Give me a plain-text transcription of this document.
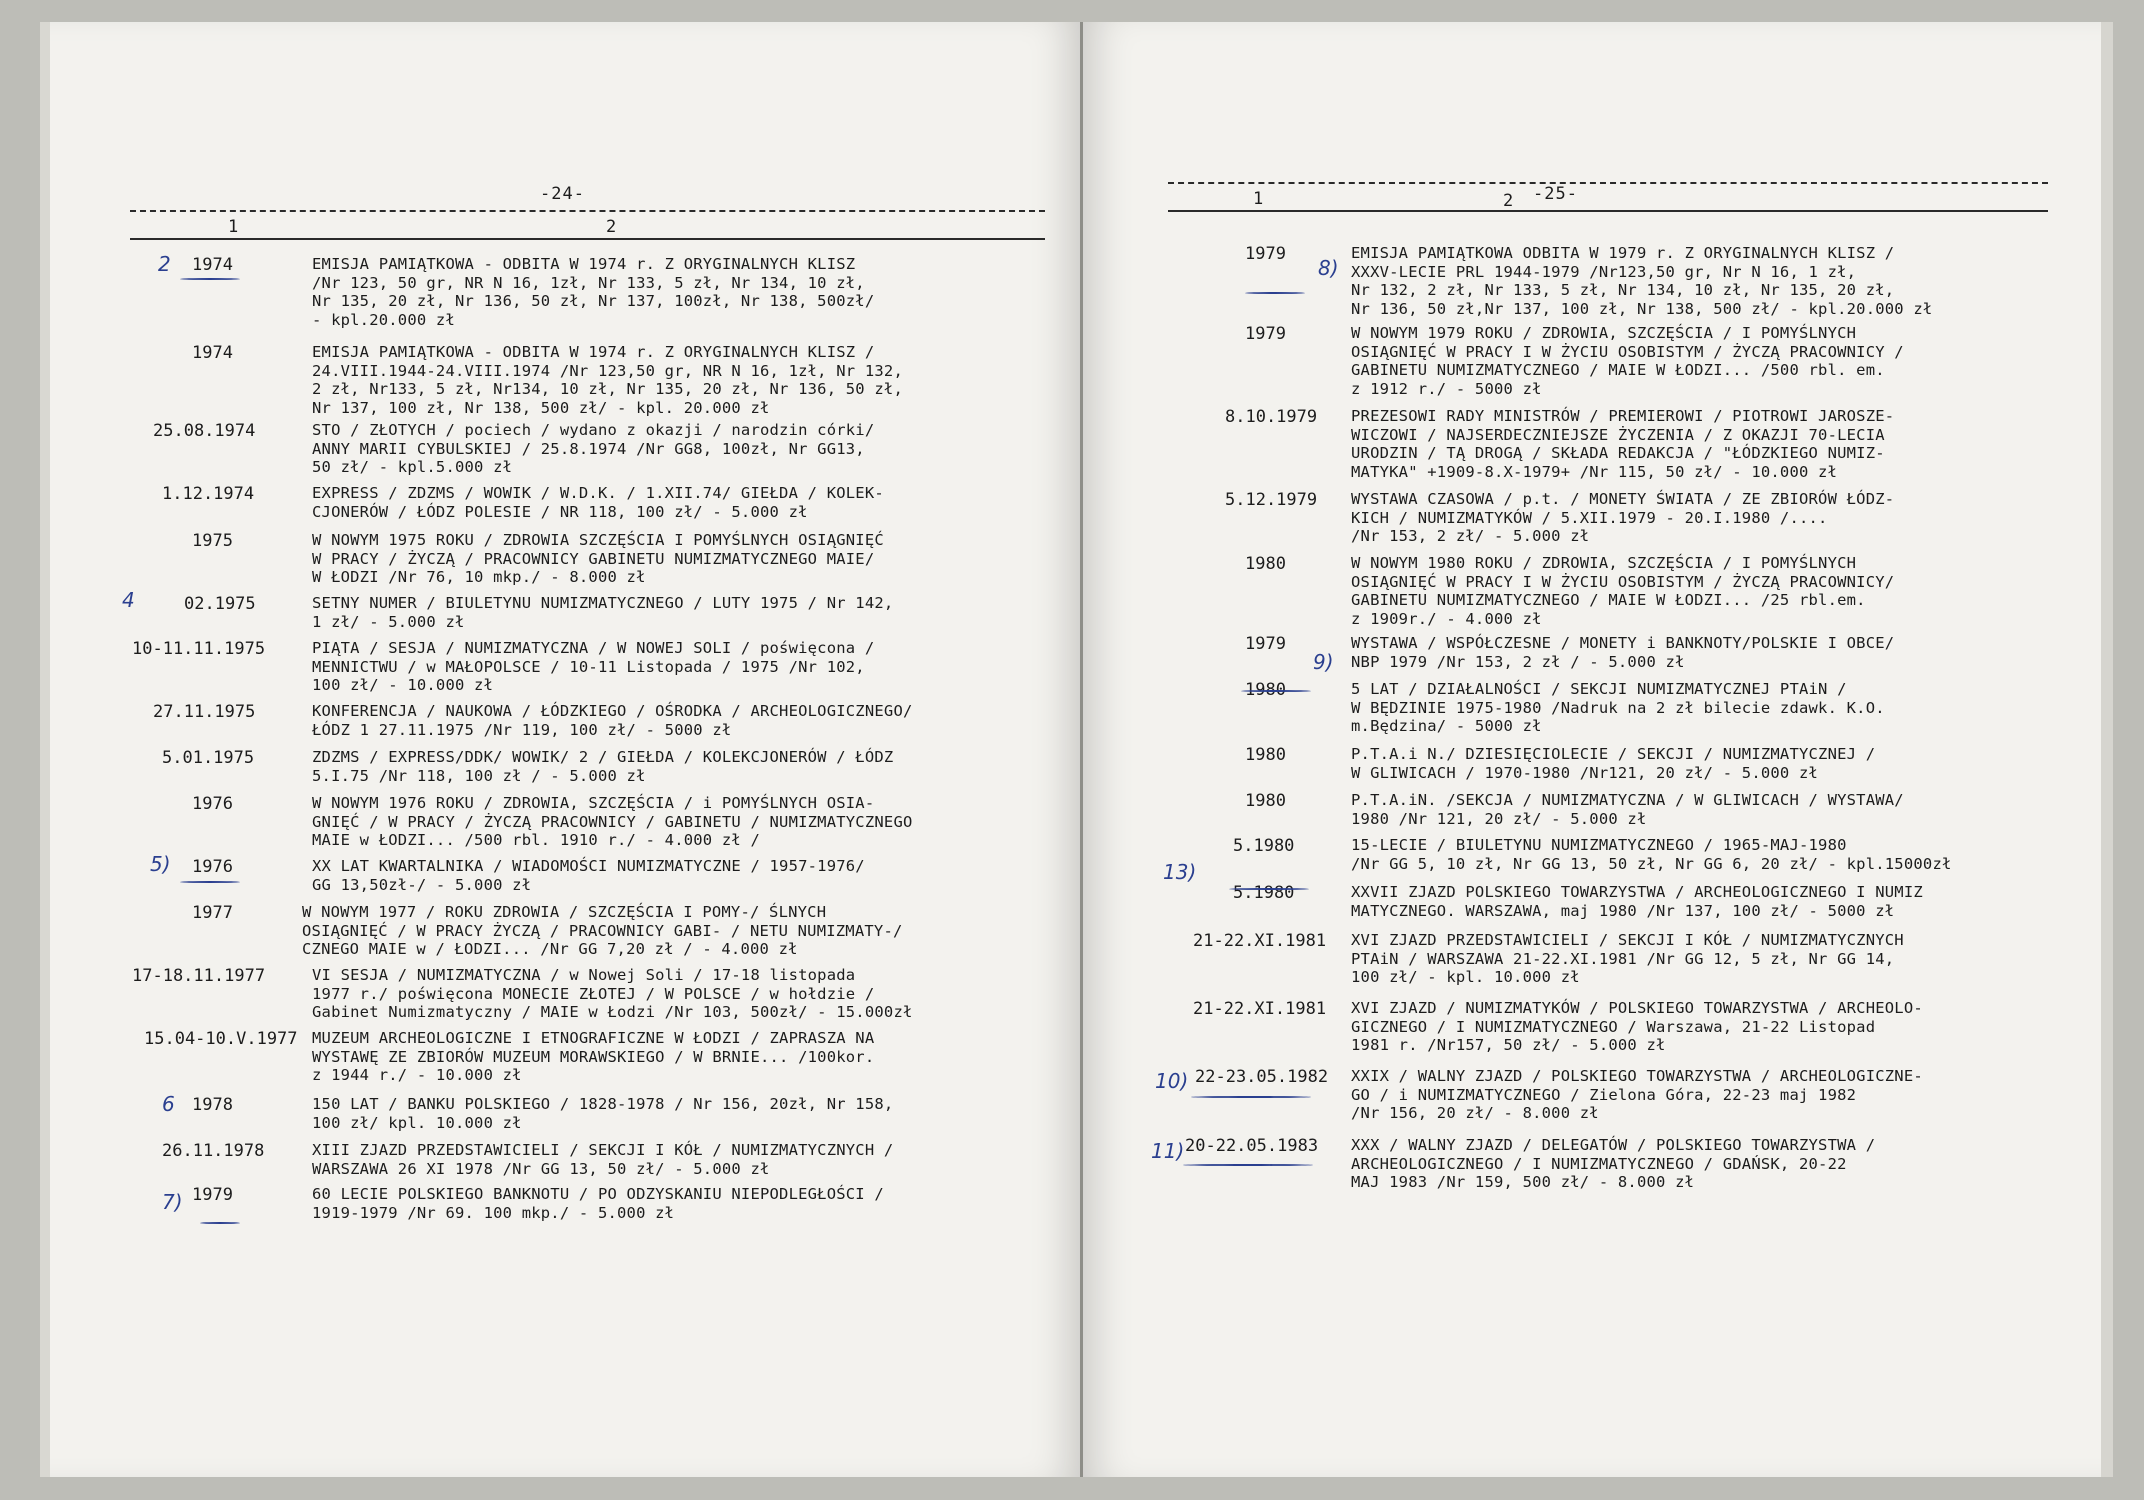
-24-
1	2
1974	EMISJA PAMIĄTKOWA - ODBITA W 1974 r. Z ORYGINALNYCH KLISZ
/Nr 123, 50 gr, NR N 16, 1zł, Nr 133, 5 zł, Nr 134, 10 zł,
Nr 135, 20 zł, Nr 136, 50 zł, Nr 137, 100zł, Nr 138, 500zł/
- kpl.20.000 zł
1974	EMISJA PAMIĄTKOWA - ODBITA W 1974 r. Z ORYGINALNYCH KLISZ /
24.VIII.1944-24.VIII.1974 /Nr 123,50 gr, NR N 16, 1zł, Nr 132,
2 zł, Nr133, 5 zł, Nr134, 10 zł, Nr 135, 20 zł, Nr 136, 50 zł,
Nr 137, 100 zł, Nr 138, 500 zł/ - kpl. 20.000 zł
25.08.1974	STO / ZŁOTYCH / pociech / wydano z okazji / narodzin córki/
ANNY MARII CYBULSKIEJ / 25.8.1974 /Nr GG8, 100zł, Nr GG13,
50 zł/ - kpl.5.000 zł
1.12.1974	EXPRESS / ZDZMS / WOWIK / W.D.K. / 1.XII.74/ GIEŁDA / KOLEK-
CJONERÓW / ŁÓDZ POLESIE / NR 118, 100 zł/ - 5.000 zł
1975	W NOWYM 1975 ROKU / ZDROWIA SZCZĘŚCIA I POMYŚLNYCH OSIĄGNIĘĆ
W PRACY / ŻYCZĄ / PRACOWNICY GABINETU NUMIZMATYCZNEGO MAIE/
W ŁODZI /Nr 76, 10 mkp./ - 8.000 zł
02.1975	SETNY NUMER / BIULETYNU NUMIZMATYCZNEGO / LUTY 1975 / Nr 142,
1 zł/ - 5.000 zł
10-11.11.1975	PIĄTA / SESJA / NUMIZMATYCZNA / W NOWEJ SOLI / poświęcona /
MENNICTWU / w MAŁOPOLSCE / 10-11 Listopada / 1975 /Nr 102,
100 zł/ - 10.000 zł
27.11.1975	KONFERENCJA / NAUKOWA / ŁÓDZKIEGO / OŚRODKA / ARCHEOLOGICZNEGO/
ŁÓDZ 1 27.11.1975 /Nr 119, 100 zł/ - 5000 zł
5.01.1975	ZDZMS / EXPRESS/DDK/ WOWIK/ 2 / GIEŁDA / KOLEKCJONERÓW / ŁÓDZ
5.I.75 /Nr 118, 100 zł / - 5.000 zł
1976	W NOWYM 1976 ROKU / ZDROWIA, SZCZĘŚCIA / i POMYŚLNYCH OSIA-
GNIĘĆ / W PRACY / ŻYCZĄ PRACOWNICY / GABINETU / NUMIZMATYCZNEGO
MAIE w ŁODZI... /500 rbl. 1910 r./ - 4.000 zł /
1976	XX LAT KWARTALNIKA / WIADOMOŚCI NUMIZMATYCZNE / 1957-1976/
GG 13,50zł-/ - 5.000 zł
1977	W NOWYM 1977 / ROKU ZDROWIA / SZCZĘŚCIA I POMY-/ ŚLNYCH
OSIĄGNIĘĆ / W PRACY ŻYCZĄ / PRACOWNICY GABI- / NETU NUMIZMATY-/
CZNEGO MAIE w / ŁODZI... /Nr GG 7,20 zł / - 4.000 zł
17-18.11.1977	VI SESJA / NUMIZMATYCZNA / w Nowej Soli / 17-18 listopada
1977 r./ poświęcona MONECIE ZŁOTEJ / W POLSCE / w hołdzie /
Gabinet Numizmatyczny / MAIE w Łodzi /Nr 103, 500zł/ - 15.000zł
15.04-10.V.1977 MUZEUM ARCHEOLOGICZNE I ETNOGRAFICZNE W ŁODZI / ZAPRASZA NA
WYSTAWĘ ZE ZBIORÓW MUZEUM MORAWSKIEGO / W BRNIE... /100kor.
z 1944 r./ - 10.000 zł
1978	150 LAT / BANKU POLSKIEGO / 1828-1978 / Nr 156, 20zł, Nr 158,
100 zł/ kpl. 10.000 zł
26.11.1978	XIII ZJAZD PRZEDSTAWICIELI / SEKCJI I KÓŁ / NUMIZMATYCZNYCH /
WARSZAWA 26 XI 1978 /Nr GG 13, 50 zł/ - 5.000 zł
1979	60 LECIE POLSKIEGO BANKNOTU / PO ODZYSKANIU NIEPODLEGŁOŚCI /
1919-1979 /Nr 69. 100 mkp./ - 5.000 zł
2
4
5)
6
7)
-25-
1	2
1979	EMISJA PAMIĄTKOWA ODBITA W 1979 r. Z ORYGINALNYCH KLISZ /
XXXV-LECIE PRL 1944-1979 /Nr123,50 gr, Nr N 16, 1 zł,
Nr 132, 2 zł, Nr 133, 5 zł, Nr 134, 10 zł, Nr 135, 20 zł,
Nr 136, 50 zł,Nr 137, 100 zł, Nr 138, 500 zł/ - kpl.20.000 zł
1979	W NOWYM 1979 ROKU / ZDROWIA, SZCZĘŚCIA / I POMYŚLNYCH
OSIĄGNIĘĆ W PRACY I W ŻYCIU OSOBISTYM / ŻYCZĄ PRACOWNICY /
GABINETU NUMIZMATYCZNEGO / MAIE W ŁODZI... /500 rbl. em.
z 1912 r./ - 5000 zł
8.10.1979 PREZESOWI RADY MINISTRÓW / PREMIEROWI / PIOTROWI JAROSZE-
WICZOWI / NAJSERDECZNIEJSZE ŻYCZENIA / Z OKAZJI 70-LECIA
URODZIN / TĄ DROGĄ / SKŁADA REDAKCJA / "ŁÓDZKIEGO NUMIZ-
MATYKA" +1909-8.X-1979+ /Nr 115, 50 zł/ - 10.000 zł
5.12.1979 WYSTAWA CZASOWA / p.t. / MONETY ŚWIATA / ZE ZBIORÓW ŁÓDZ-
KICH / NUMIZMATYKÓW / 5.XII.1979 - 20.I.1980 /....
/Nr 153, 2 zł/ - 5.000 zł
1980	W NOWYM 1980 ROKU / ZDROWIA, SZCZĘŚCIA / I POMYŚLNYCH
OSIĄGNIĘĆ W PRACY I W ŻYCIU OSOBISTYM / ŻYCZĄ PRACOWNICY/
GABINETU NUMIZMATYCZNEGO / MAIE W ŁODZI... /25 rbl.em.
z 1909r./ - 4.000 zł
1979	WYSTAWA / WSPÓŁCZESNE / MONETY i BANKNOTY/POLSKIE I OBCE/
NBP 1979 /Nr 153, 2 zł / - 5.000 zł
1980	5 LAT / DZIAŁALNOŚCI / SEKCJI NUMIZMATYCZNEJ PTAiN /
W BĘDZINIE 1975-1980 /Nadruk na 2 zł bilecie zdawk. K.O.
m.Będzina/ - 5000 zł
1980	P.T.A.i N./ DZIESIĘCIOLECIE / SEKCJI / NUMIZMATYCZNEJ /
W GLIWICACH / 1970-1980 /Nr121, 20 zł/ - 5.000 zł
1980	P.T.A.iN. /SEKCJA / NUMIZMATYCZNA / W GLIWICACH / WYSTAWA/
1980 /Nr 121, 20 zł/ - 5.000 zł
5.1980	15-LECIE / BIULETYNU NUMIZMATYCZNEGO / 1965-MAJ-1980
/Nr GG 5, 10 zł, Nr GG 13, 50 zł, Nr GG 6, 20 zł/ - kpl.15000zł
5.1980	XXVII ZJAZD POLSKIEGO TOWARZYSTWA / ARCHEOLOGICZNEGO I NUMIZ
MATYCZNEGO. WARSZAWA, maj 1980 /Nr 137, 100 zł/ - 5000 zł
21-22.XI.1981 XVI ZJAZD PRZEDSTAWICIELI / SEKCJI I KÓŁ / NUMIZMATYCZNYCH
PTAiN / WARSZAWA 21-22.XI.1981 /Nr GG 12, 5 zł, Nr GG 14,
100 zł/ - kpl. 10.000 zł
21-22.XI.1981 XVI ZJAZD / NUMIZMATYKÓW / POLSKIEGO TOWARZYSTWA / ARCHEOLO-
GICZNEGO / I NUMIZMATYCZNEGO / Warszawa, 21-22 Listopad
1981 r. /Nr157, 50 zł/ - 5.000 zł
22-23.05.1982 XXIX / WALNY ZJAZD / POLSKIEGO TOWARZYSTWA / ARCHEOLOGICZNE-
GO / i NUMIZMATYCZNEGO / Zielona Góra, 22-23 maj 1982
/Nr 156, 20 zł/ - 8.000 zł
20-22.05.1983 XXX / WALNY ZJAZD / DELEGATÓW / POLSKIEGO TOWARZYSTWA /
ARCHEOLOGICZNEGO / I NUMIZMATYCZNEGO / GDAŃSK, 20-22
MAJ 1983 /Nr 159, 500 zł/ - 8.000 zł
8)
9)
13)
10)
11)
